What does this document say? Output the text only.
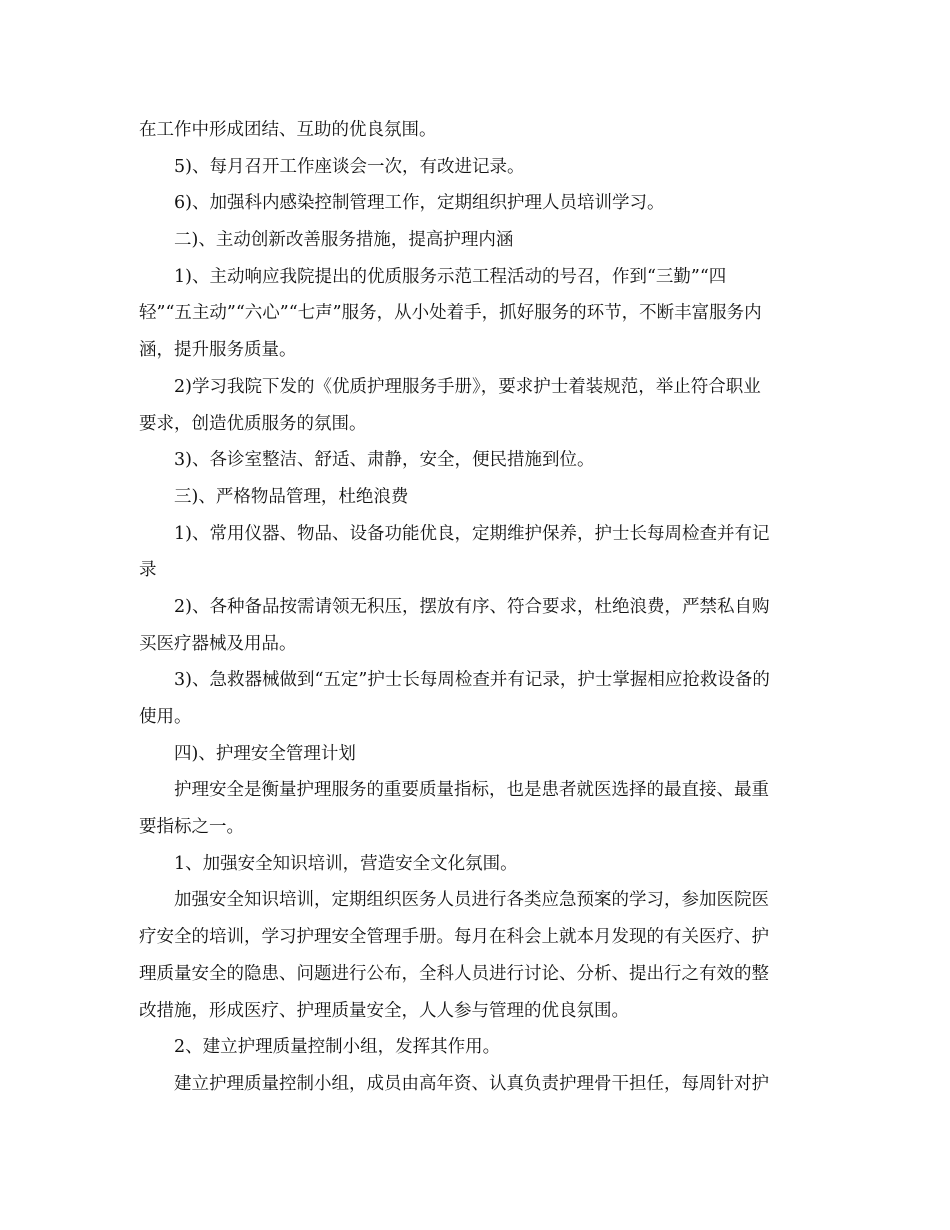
在工作中形成团结、互助的优良氛围。
5)、每月召开工作座谈会一次，有改进记录。
6)、加强科内感染控制管理工作，定期组织护理人员培训学习。
二)、主动创新改善服务措施，提高护理内涵
1)、主动响应我院提出的优质服务示范工程活动的号召，作到“三勤”“四
轻”“五主动”“六心”“七声”服务，从小处着手，抓好服务的环节，不断丰富服务内
涵，提升服务质量。
2)学习我院下发的《优质护理服务手册》，要求护士着装规范，举止符合职业
要求，创造优质服务的氛围。
3)、各诊室整洁、舒适、肃静，安全，便民措施到位。
三)、严格物品管理，杜绝浪费
1)、常用仪器、物品、设备功能优良，定期维护保养，护士长每周检查并有记
录
2)、各种备品按需请领无积压，摆放有序、符合要求，杜绝浪费，严禁私自购
买医疗器械及用品。
3)、急救器械做到“五定”护士长每周检查并有记录，护士掌握相应抢救设备的
使用。
四)、护理安全管理计划
护理安全是衡量护理服务的重要质量指标，也是患者就医选择的最直接、最重
要指标之一。
1、加强安全知识培训，营造安全文化氛围。
加强安全知识培训，定期组织医务人员进行各类应急预案的学习，参加医院医
疗安全的培训，学习护理安全管理手册。每月在科会上就本月发现的有关医疗、护
理质量安全的隐患、问题进行公布，全科人员进行讨论、分析、提出行之有效的整
改措施，形成医疗、护理质量安全，人人参与管理的优良氛围。
2、建立护理质量控制小组，发挥其作用。
建立护理质量控制小组，成员由高年资、认真负责护理骨干担任，每周针对护
